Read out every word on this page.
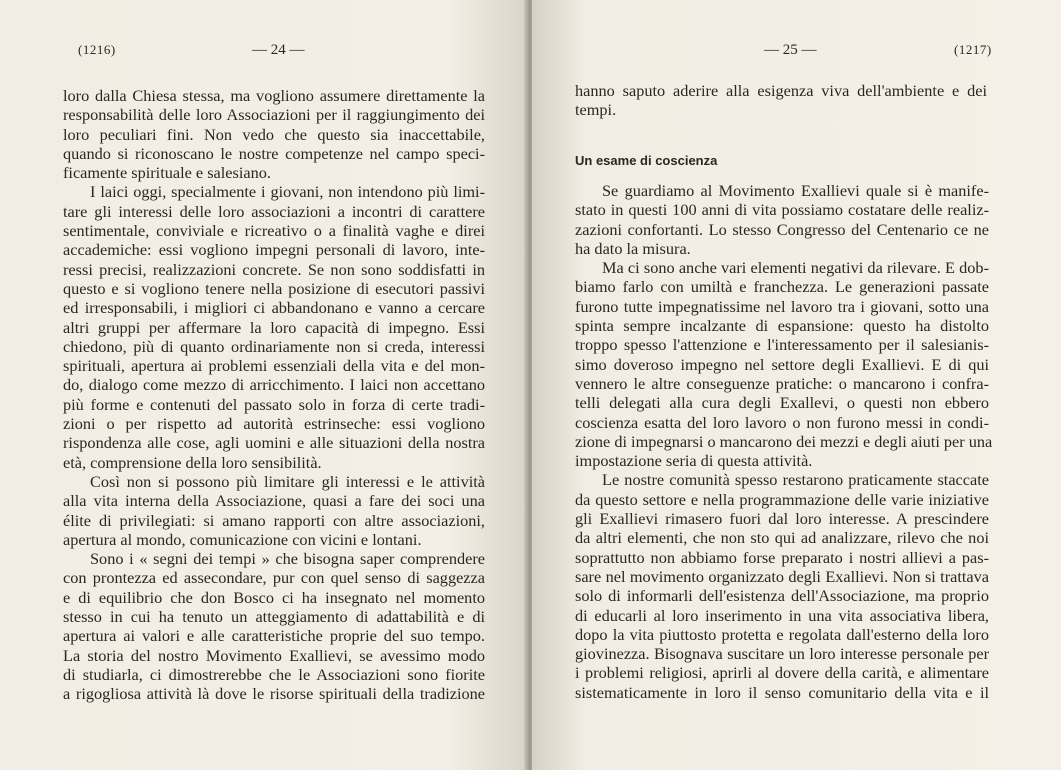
(1216)	— 24 —
loro dalla Chiesa stessa, ma vogliono assumere direttamente la
responsabilità delle loro Associazioni per il raggiungimento dei
loro peculiari fini. Non vedo che questo sia inaccettabile,
quando si riconoscano le nostre competenze nel campo speci-
ficamente spirituale e salesiano.
I laici oggi, specialmente i giovani, non intendono più limi-
tare gli interessi delle loro associazioni a incontri di carattere
sentimentale, conviviale e ricreativo o a finalità vaghe e direi
accademiche: essi vogliono impegni personali di lavoro, inte-
ressi precisi, realizzazioni concrete. Se non sono soddisfatti in
questo e si vogliono tenere nella posizione di esecutori passivi
ed irresponsabili, i migliori ci abbandonano e vanno a cercare
altri gruppi per affermare la loro capacità di impegno. Essi
chiedono, più di quanto ordinariamente non si creda, interessi
spirituali, apertura ai problemi essenziali della vita e del mon-
do, dialogo come mezzo di arricchimento. I laici non accettano
più forme e contenuti del passato solo in forza di certe tradi-
zioni o per rispetto ad autorità estrinseche: essi vogliono
rispondenza alle cose, agli uomini e alle situazioni della nostra
età, comprensione della loro sensibilità.
Così non si possono più limitare gli interessi e le attività
alla vita interna della Associazione, quasi a fare dei soci una
élite di privilegiati: si amano rapporti con altre associazioni,
apertura al mondo, comunicazione con vicini e lontani.
Sono i « segni dei tempi » che bisogna saper comprendere
con prontezza ed assecondare, pur con quel senso di saggezza
e di equilibrio che don Bosco ci ha insegnato nel momento
stesso in cui ha tenuto un atteggiamento di adattabilità e di
apertura ai valori e alle caratteristiche proprie del suo tempo.
La storia del nostro Movimento Exallievi, se avessimo modo
di studiarla, ci dimostrerebbe che le Associazioni sono fiorite
a rigogliosa attività là dove le risorse spirituali della tradizione
— 25 —	(1217)
hanno saputo aderire alla esigenza viva dell'ambiente e dei
tempi.
Un esame di coscienza
Se guardiamo al Movimento Exallievi quale si è manife-
stato in questi 100 anni di vita possiamo costatare delle realiz-
zazioni confortanti. Lo stesso Congresso del Centenario ce ne
ha dato la misura.
Ma ci sono anche vari elementi negativi da rilevare. E dob-
biamo farlo con umiltà e franchezza. Le generazioni passate
furono tutte impegnatissime nel lavoro tra i giovani, sotto una
spinta sempre incalzante di espansione: questo ha distolto
troppo spesso l'attenzione e l'interessamento per il salesianis-
simo doveroso impegno nel settore degli Exallievi. E di qui
vennero le altre conseguenze pratiche: o mancarono i confra-
telli delegati alla cura degli Exallevi, o questi non ebbero
coscienza esatta del loro lavoro o non furono messi in condi-
zione di impegnarsi o mancarono dei mezzi e degli aiuti per una
impostazione seria di questa attività.
Le nostre comunità spesso restarono praticamente staccate
da questo settore e nella programmazione delle varie iniziative
gli Exallievi rimasero fuori dal loro interesse. A prescindere
da altri elementi, che non sto qui ad analizzare, rilevo che noi
soprattutto non abbiamo forse preparato i nostri allievi a pas-
sare nel movimento organizzato degli Exallievi. Non si trattava
solo di informarli dell'esistenza dell'Associazione, ma proprio
di educarli al loro inserimento in una vita associativa libera,
dopo la vita piuttosto protetta e regolata dall'esterno della loro
giovinezza. Bisognava suscitare un loro interesse personale per
i problemi religiosi, aprirli al dovere della carità, e alimentare
sistematicamente in loro il senso comunitario della vita e il
